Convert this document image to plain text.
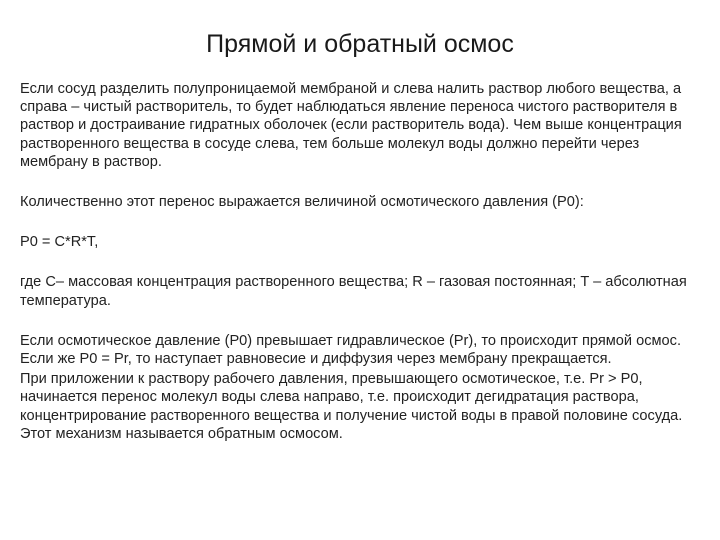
Прямой и обратный осмос

Если сосуд разделить полупроницаемой мембраной и слева налить раствор любого вещества, а справа – чистый растворитель, то будет наблюдаться явление переноса чистого растворителя в раствор и достраивание гидратных оболочек (если растворитель вода). Чем выше концентрация растворенного вещества в сосуде слева, тем больше молекул воды должно перейти через мембрану в раствор.

Количественно этот перенос выражается величиной осмотического давления (P0):

P0 = C*R*T,

где С– массовая концентрация растворенного вещества; R – газовая постоянная; T – абсолютная температура.

Если осмотическое давление (P0) превышает гидравлическое (Pr), то происходит прямой осмос. Если же P0 = Pr, то наступает равновесие и диффузия через мембрану прекращается.

При приложении к раствору рабочего давления, превышающего осмотическое, т.е. Pr > P0, начинается перенос молекул воды слева направо, т.е. происходит дегидратация раствора, концентрирование растворенного вещества и получение чистой воды в правой половине сосуда. Этот механизм называется обратным осмосом.
